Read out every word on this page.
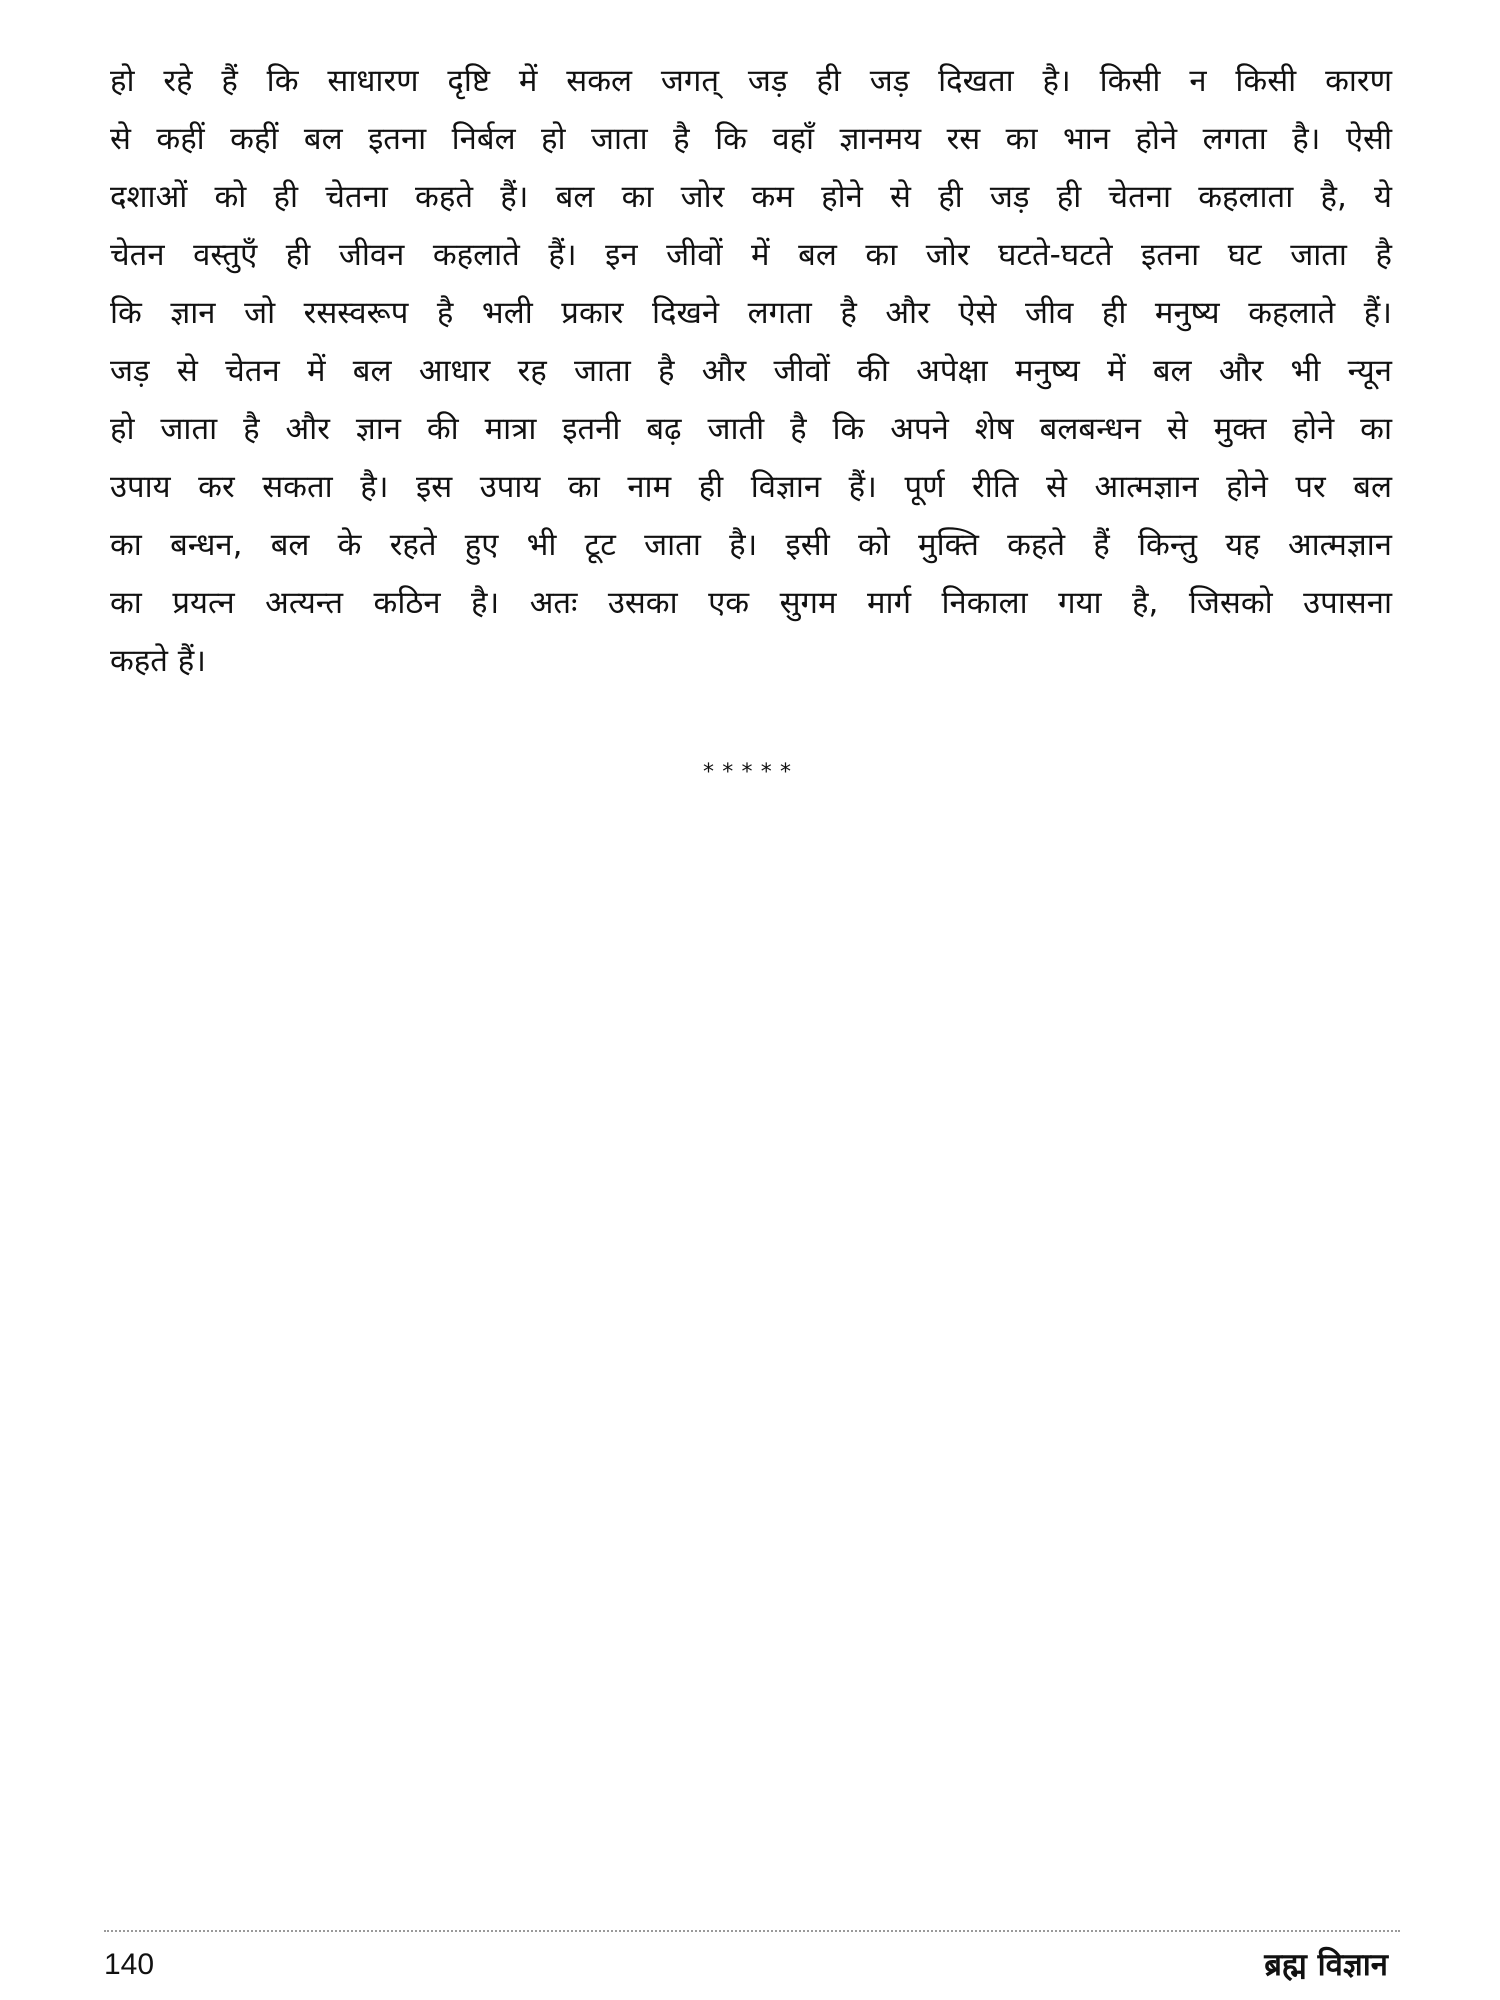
हो रहे हैं कि साधारण दृष्टि में सकल जगत् जड़ ही जड़ दिखता है। किसी न किसी कारण
से कहीं कहीं बल इतना निर्बल हो जाता है कि वहाँ ज्ञानमय रस का भान होने लगता है। ऐसी
दशाओं को ही चेतना कहते हैं। बल का जोर कम होने से ही जड़ ही चेतना कहलाता है, ये
चेतन वस्तुएँ ही जीवन कहलाते हैं। इन जीवों में बल का जोर घटते-घटते इतना घट जाता है
कि ज्ञान जो रसस्वरूप है भली प्रकार दिखने लगता है और ऐसे जीव ही मनुष्य कहलाते हैं।
जड़ से चेतन में बल आधार रह जाता है और जीवों की अपेक्षा मनुष्य में बल और भी न्यून
हो जाता है और ज्ञान की मात्रा इतनी बढ़ जाती है कि अपने शेष बलबन्धन से मुक्त होने का
उपाय कर सकता है। इस उपाय का नाम ही विज्ञान हैं। पूर्ण रीति से आत्मज्ञान होने पर बल
का बन्धन, बल के रहते हुए भी टूट जाता है। इसी को मुक्ति कहते हैं किन्तु यह आत्मज्ञान
का प्रयत्न अत्यन्त कठिन है। अतः उसका एक सुगम मार्ग निकाला गया है, जिसको उपासना
कहते हैं।
*****
140	ब्रह्म विज्ञान
